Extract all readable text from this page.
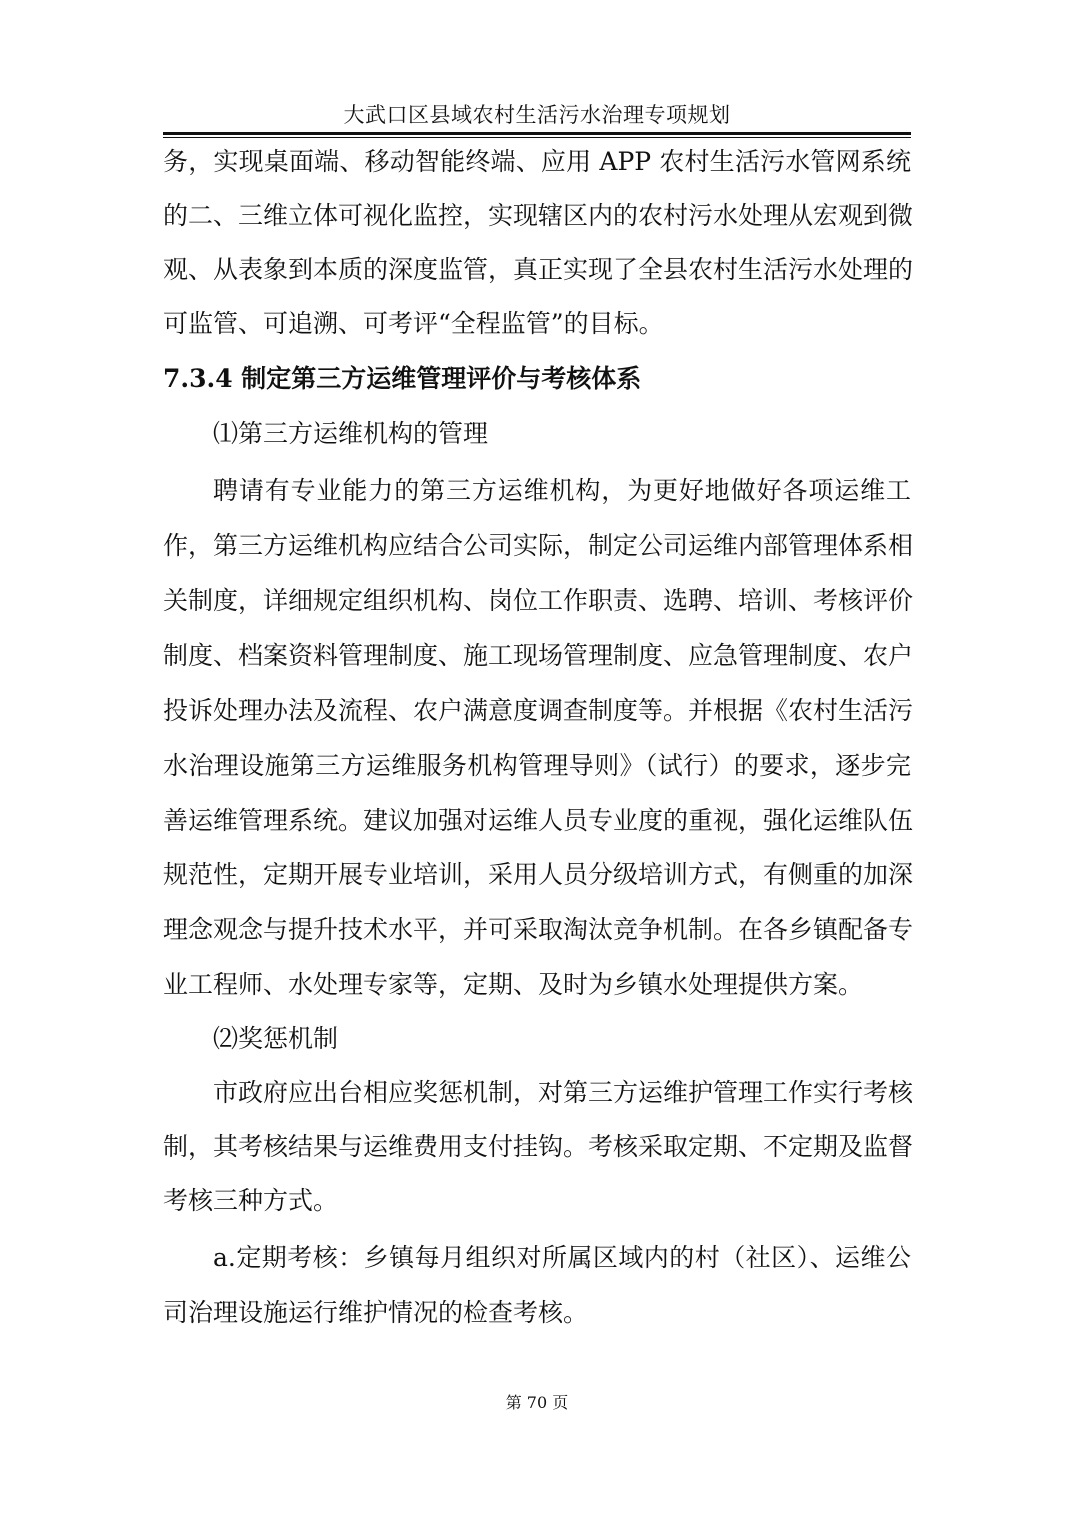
大武口区县域农村生活污水治理专项规划
务，实现桌面端、移动智能终端、应用 APP 农村生活污水管网系统
的二、三维立体可视化监控，实现辖区内的农村污水处理从宏观到微
观、从表象到本质的深度监管，真正实现了全县农村生活污水处理的
可监管、可追溯、可考评“全程监管”的目标。
7.3.4 制定第三方运维管理评价与考核体系
⑴第三方运维机构的管理
聘请有专业能力的第三方运维机构，为更好地做好各项运维工
作，第三方运维机构应结合公司实际，制定公司运维内部管理体系相
关制度，详细规定组织机构、岗位工作职责、选聘、培训、考核评价
制度、档案资料管理制度、施工现场管理制度、应急管理制度、农户
投诉处理办法及流程、农户满意度调查制度等。并根据《农村生活污
水治理设施第三方运维服务机构管理导则》（试行）的要求，逐步完
善运维管理系统。建议加强对运维人员专业度的重视，强化运维队伍
规范性，定期开展专业培训，采用人员分级培训方式，有侧重的加深
理念观念与提升技术水平，并可采取淘汰竞争机制。在各乡镇配备专
业工程师、水处理专家等，定期、及时为乡镇水处理提供方案。
⑵奖惩机制
市政府应出台相应奖惩机制，对第三方运维护管理工作实行考核
制，其考核结果与运维费用支付挂钩。考核采取定期、不定期及监督
考核三种方式。
a.定期考核：乡镇每月组织对所属区域内的村（社区）、运维公
司治理设施运行维护情况的检查考核。
第 70 页
